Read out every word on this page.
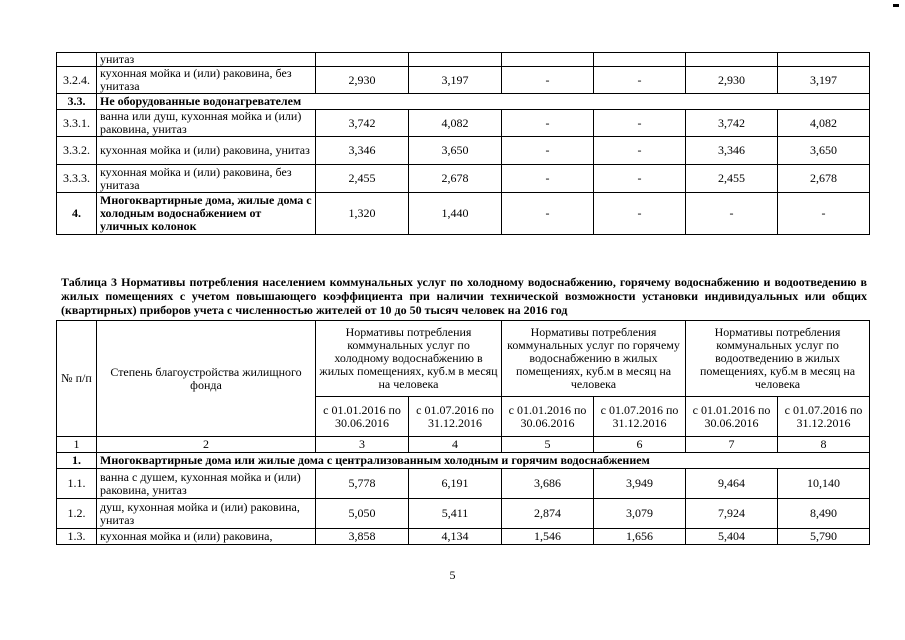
	унитаз						
3.2.4.	кухонная мойка и (или) раковина, без унитаза	2,930	3,197	-	-	2,930	3,197
3.3.	Не оборудованные водонагревателем						
3.3.1.	ванна или душ, кухонная мойка и (или) раковина, унитаз	3,742	4,082	-	-	3,742	4,082
3.3.2.	кухонная мойка и (или) раковина, унитаз	3,346	3,650	-	-	3,346	3,650
3.3.3.	кухонная мойка и (или) раковина, без унитаза	2,455	2,678	-	-	2,455	2,678
4.	Многоквартирные дома, жилые дома с холодным водоснабжением от уличных колонок	1,320	1,440	-	-	-	-
Таблица 3 Нормативы потребления населением коммунальных услуг по холодному водоснабжению, горячему водоснабжению и водоотведению в жилых помещениях с учетом повышающего коэффициента при наличии технической возможности установки индивидуальных или общих (квартирных) приборов учета с численностью жителей от 10 до 50 тысяч человек на 2016 год
№ п/п	Степень благоустройства жилищного фонда	Нормативы потребления коммунальных услуг по холодному водоснабжению в жилых помещениях, куб.м в месяц на человека		Нормативы потребления коммунальных услуг по горячему водоснабжению в жилых помещениях, куб.м в месяц на человека		Нормативы потребления коммунальных услуг по водоотведению в жилых помещениях, куб.м в месяц на человека	
		с 01.01.2016 по 30.06.2016	с 01.07.2016 по 31.12.2016	с 01.01.2016 по 30.06.2016	с 01.07.2016 по 31.12.2016	с 01.01.2016 по 30.06.2016	с 01.07.2016 по 31.12.2016
1	2	3	4	5	6	7	8
1.	Многоквартирные дома или жилые дома с централизованным холодным и горячим водоснабжением						
1.1.	ванна с душем, кухонная мойка и (или) раковина, унитаз	5,778	6,191	3,686	3,949	9,464	10,140
1.2.	душ, кухонная мойка и (или) раковина, унитаз	5,050	5,411	2,874	3,079	7,924	8,490
1.3.	кухонная мойка и (или) раковина,	3,858	4,134	1,546	1,656	5,404	5,790
5
